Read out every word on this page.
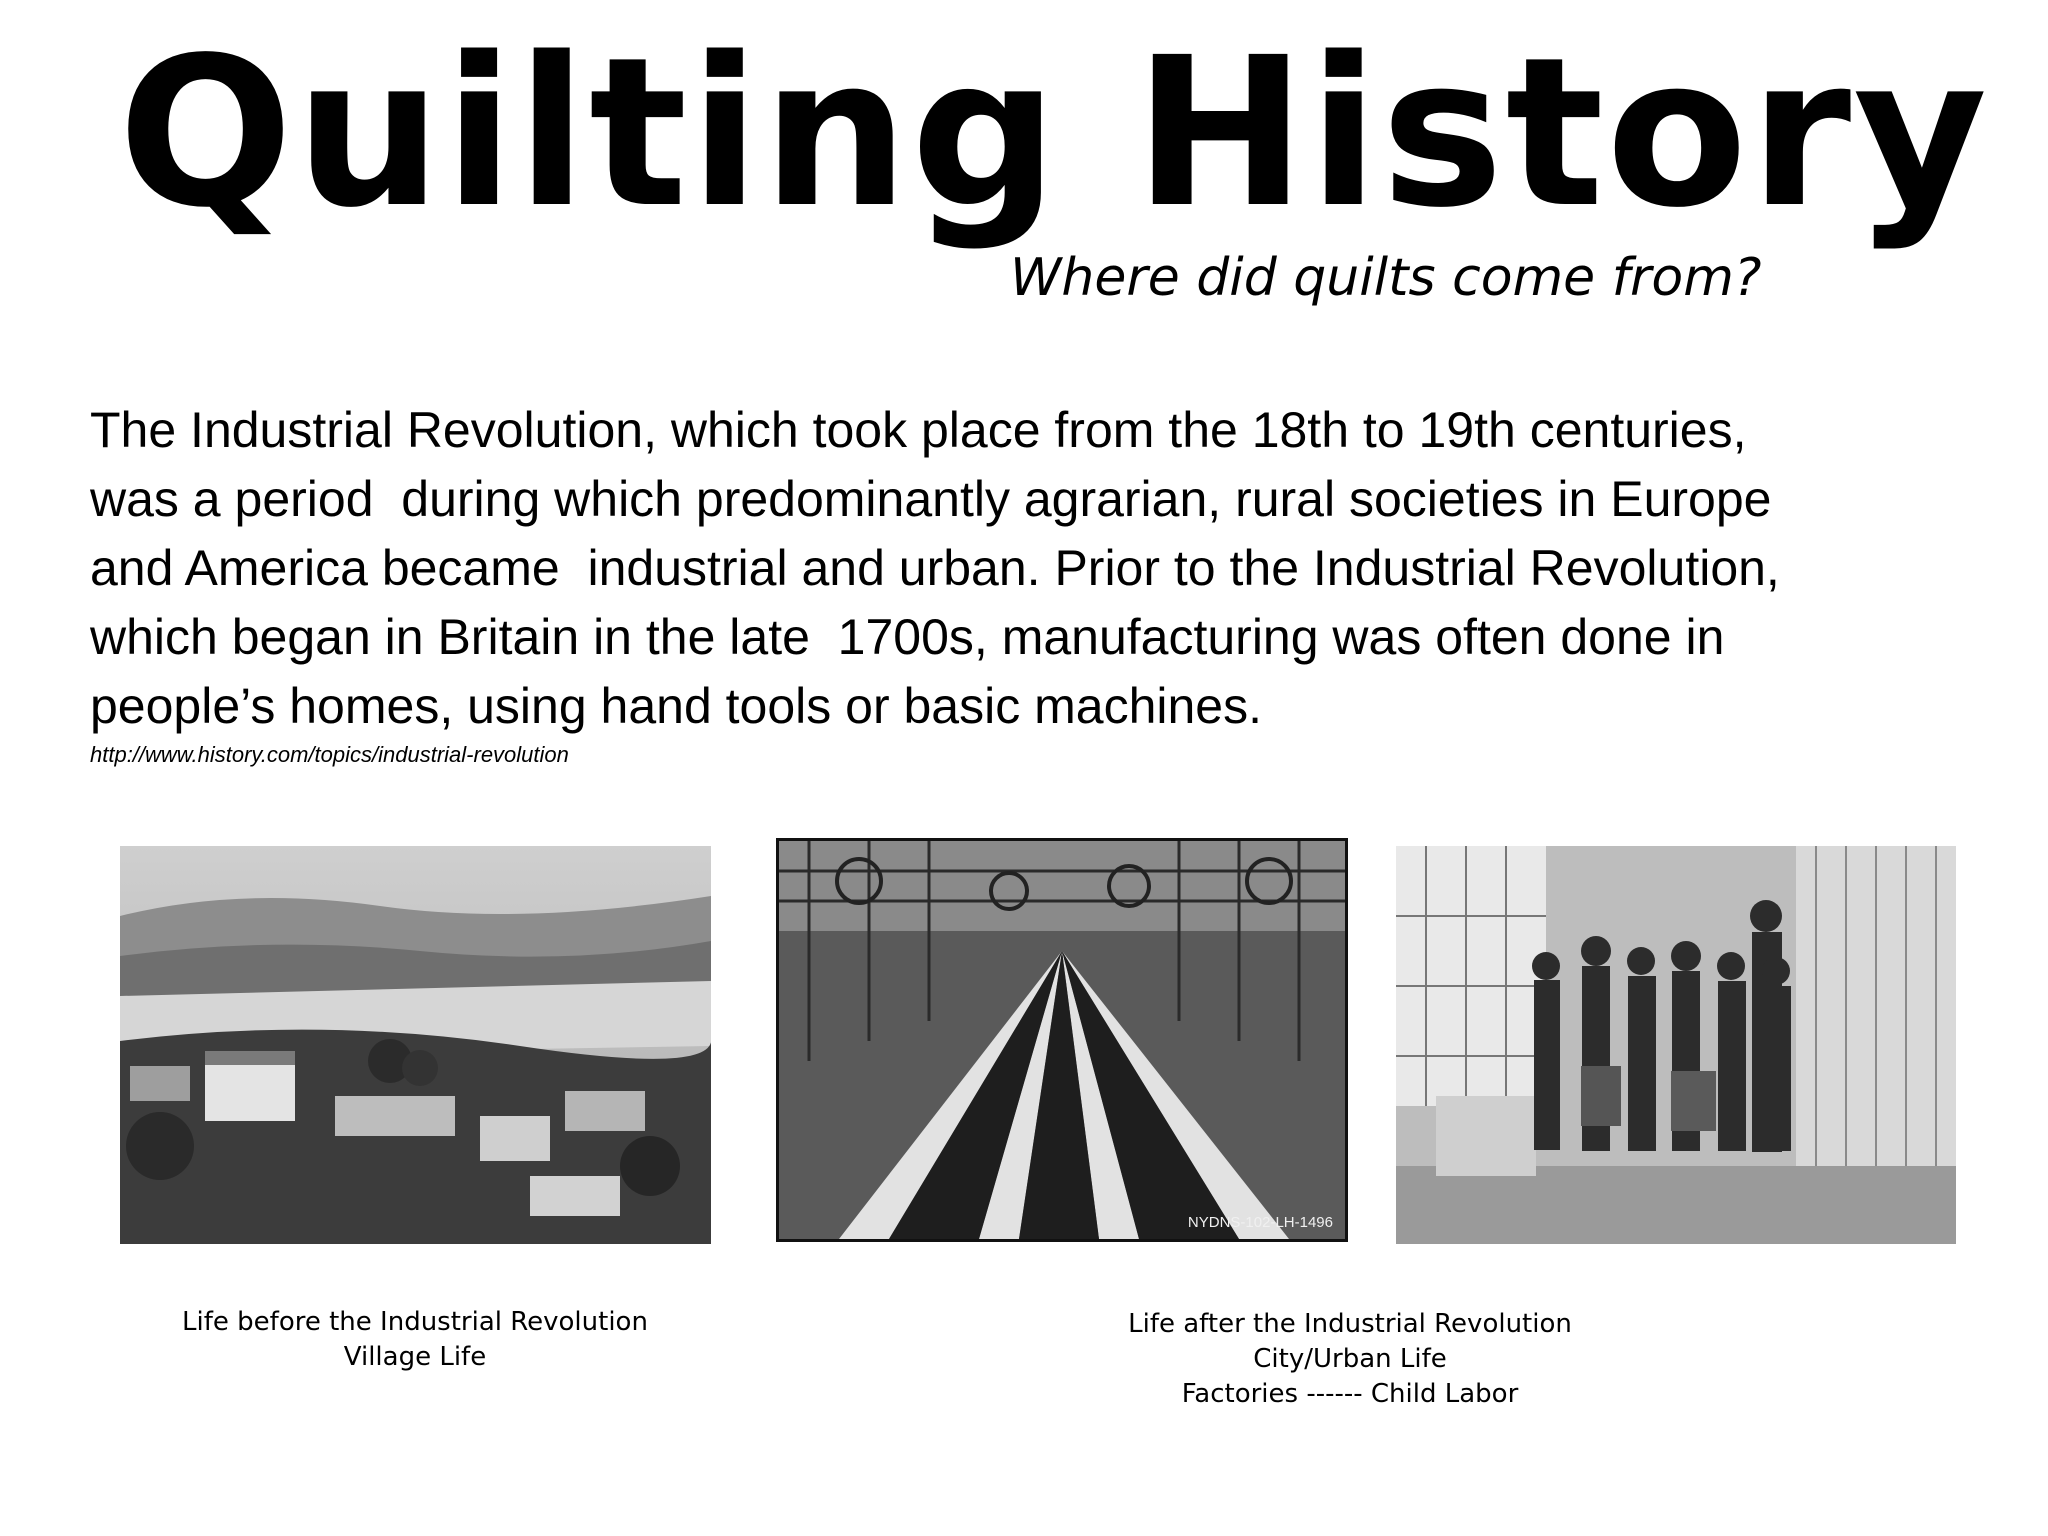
Quilting History
Where did quilts come from?
The Industrial Revolution, which took place from the 18th to 19th centuries,
was a period  during which predominantly agrarian, rural societies in Europe
and America became  industrial and urban. Prior to the Industrial Revolution,
which began in Britain in the late  1700s, manufacturing was often done in
people’s homes, using hand tools or basic machines.
http://www.history.com/topics/industrial-revolution
NYDNS-102-LH-1496
Life before the Industrial Revolution
Village Life
Life after the Industrial Revolution
City/Urban Life
Factories ------ Child Labor
